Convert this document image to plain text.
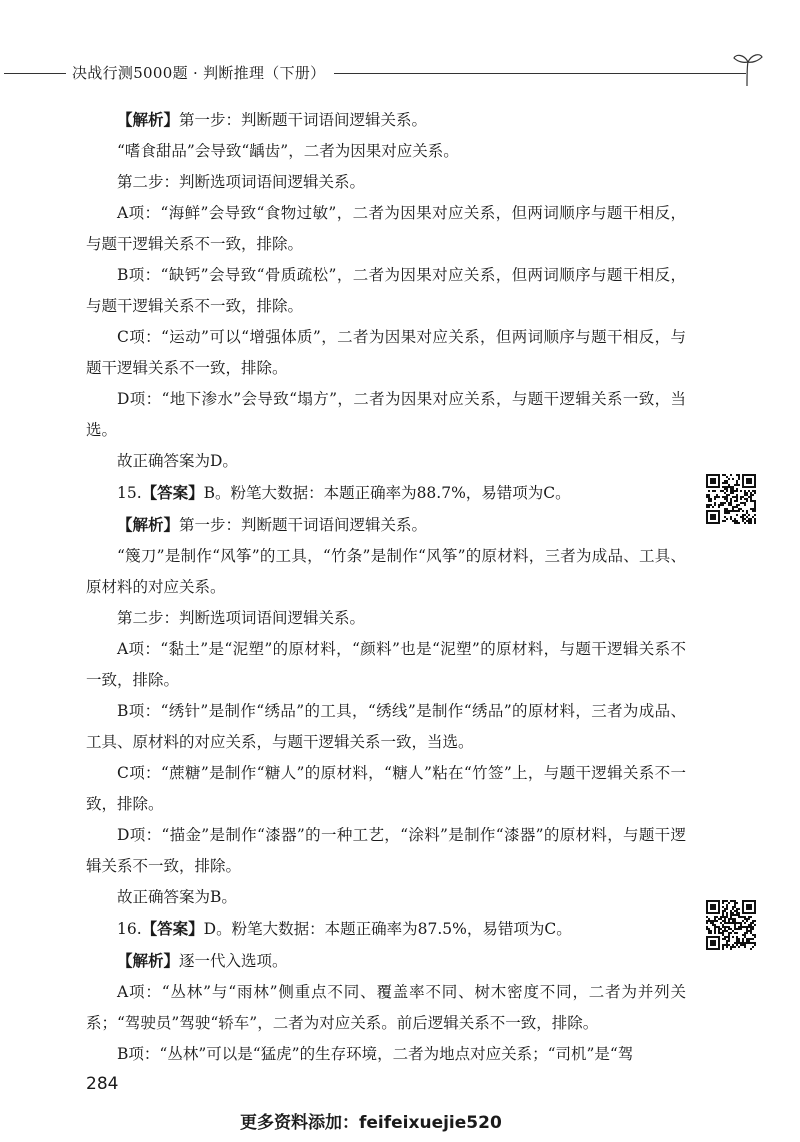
决战行测5000题 · 判断推理（下册）

【解析】第一步：判断题干词语间逻辑关系。

“嗜食甜品”会导致“龋齿”，二者为因果对应关系。

第二步：判断选项词语间逻辑关系。

A项：“海鲜”会导致“食物过敏”，二者为因果对应关系，但两词顺序与题干相反，与题干逻辑关系不一致，排除。

B项：“缺钙”会导致“骨质疏松”，二者为因果对应关系，但两词顺序与题干相反，与题干逻辑关系不一致，排除。

C项：“运动”可以“增强体质”，二者为因果对应关系，但两词顺序与题干相反，与题干逻辑关系不一致，排除。

D项：“地下渗水”会导致“塌方”，二者为因果对应关系，与题干逻辑关系一致，当选。

故正确答案为D。

15.【答案】B。粉笔大数据：本题正确率为88.7%，易错项为C。

【解析】第一步：判断题干词语间逻辑关系。

“篾刀”是制作“风筝”的工具，“竹条”是制作“风筝”的原材料，三者为成品、工具、原材料的对应关系。

第二步：判断选项词语间逻辑关系。

A项：“黏土”是“泥塑”的原材料，“颜料”也是“泥塑”的原材料，与题干逻辑关系不一致，排除。

B项：“绣针”是制作“绣品”的工具，“绣线”是制作“绣品”的原材料，三者为成品、工具、原材料的对应关系，与题干逻辑关系一致，当选。

C项：“蔗糖”是制作“糖人”的原材料，“糖人”粘在“竹签”上，与题干逻辑关系不一致，排除。

D项：“描金”是制作“漆器”的一种工艺，“涂料”是制作“漆器”的原材料，与题干逻辑关系不一致，排除。

故正确答案为B。

16.【答案】D。粉笔大数据：本题正确率为87.5%，易错项为C。

【解析】逐一代入选项。

A项：“丛林”与“雨林”侧重点不同、覆盖率不同、树木密度不同，二者为并列关系；“驾驶员”驾驶“轿车”，二者为对应关系。前后逻辑关系不一致，排除。

B项：“丛林”可以是“猛虎”的生存环境，二者为地点对应关系；“司机”是“驾

284
更多资料添加：feifeixuejie520
